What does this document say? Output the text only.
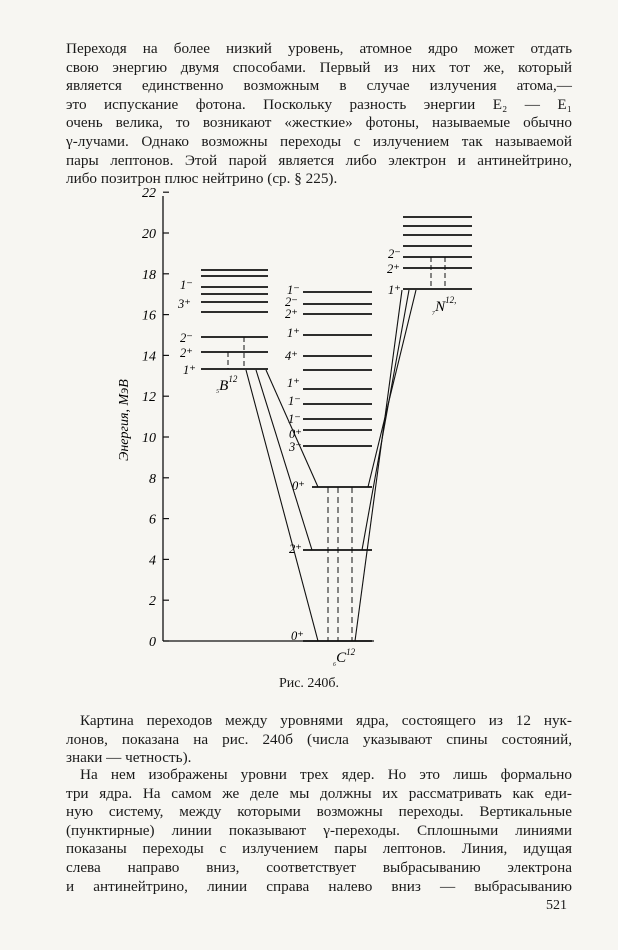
Переходя на более низкий уровень, атомное ядро может отдать
свою энергию двумя способами. Первый из них тот же, который
является единственно возможным в случае излучения атома,—
это испускание фотона. Поскольку разность энергии E₂ — E₁
очень велика, то возникают «жесткие» фотоны, называемые обычно
γ-лучами. Однако возможны переходы с излучением так называемой
пары лептонов. Этой парой является либо электрон и антинейтрино,
либо позитрон плюс нейтрино (ср. § 225).
Энергия, МэВ
0
2
4
6
8
10
12
14
16
18
20
22
1⁺
2⁺
2⁻
3⁺
1⁻
$_5B^{12}$
0⁺
2⁺
0⁺
3⁻
0⁺
1⁻
1⁻
1⁺
4⁺
1⁺
2⁺
2⁻
1⁻
$_6C^{12}$
1⁺
2⁺
2⁻
$_7N^{12,}$
Рис. 240б.
Картина переходов между уровнями ядра, состоящего из 12 нук-
лонов, показана на рис. 240б (числа указывают спины состояний,
знаки — четность).
На нем изображены уровни трех ядер. Но это лишь формально
три ядра. На самом же деле мы должны их рассматривать как еди-
ную систему, между которыми возможны переходы. Вертикальные
(пунктирные) линии показывают γ-переходы. Сплошными линиями
показаны переходы с излучением пары лептонов. Линия, идущая
слева направо вниз, соответствует выбрасыванию электрона
и антинейтрино, линии справа налево вниз — выбрасыванию
521
